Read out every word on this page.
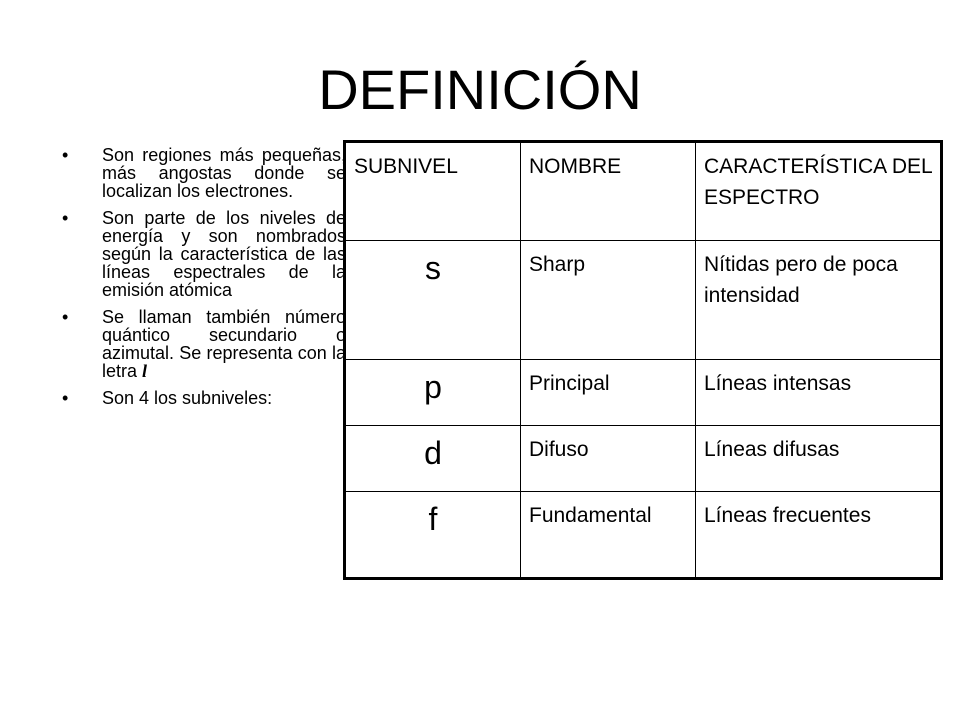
DEFINICIÓN
• Son regiones más pequeñas, más angostas donde se localizan los electrones.
• Son parte de los niveles de energía y son nombrados según la característica de las líneas espectrales de la emisión atómica
• Se llaman también número quántico secundario o azimutal. Se representa con la letra l
• Son 4 los subniveles:
SUBNIVEL	NOMBRE	CARACTERÍSTICA DEL ESPECTRO
s	Sharp	Nítidas pero de poca intensidad
p	Principal	Líneas intensas
d	Difuso	Líneas difusas
f	Fundamental	Líneas frecuentes
